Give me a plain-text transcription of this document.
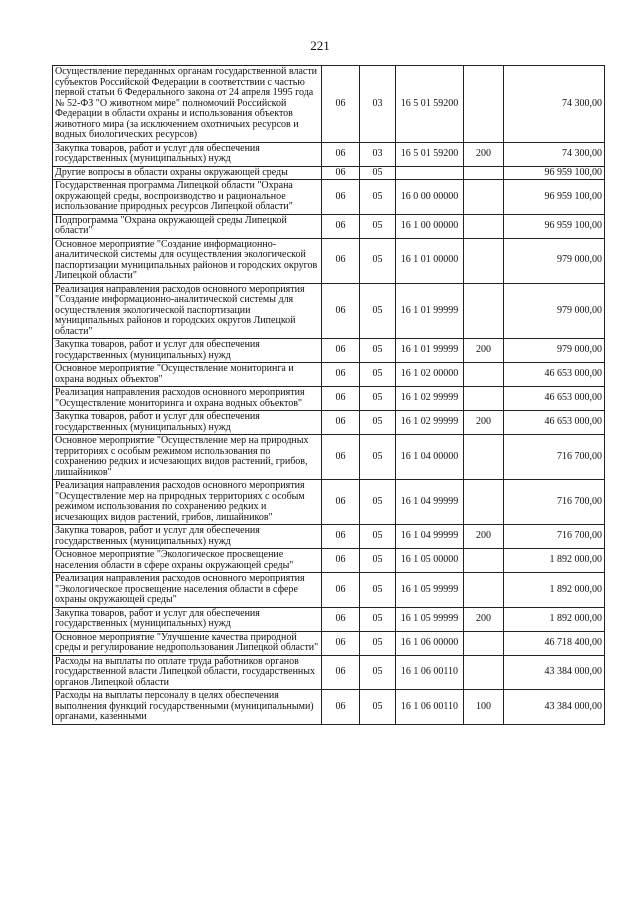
221
Осуществление переданных органам государственной власти субъектов Российской Федерации в соответствии с частью первой статьи 6 Федерального закона от 24 апреля 1995 года № 52-ФЗ "О животном мире" полномочий Российской Федерации в области охраны и использования объектов животного мира (за исключением охотничьих ресурсов и водных биологических ресурсов)	06	03	16 5 01 59200		74 300,00
Закупка товаров, работ и услуг для обеспечения государственных (муниципальных) нужд	06	03	16 5 01 59200	200	74 300,00
Другие вопросы в области охраны окружающей среды	06	05			96 959 100,00
Государственная программа Липецкой области "Охрана окружающей среды, воспроизводство и рациональное использование природных ресурсов Липецкой области"	06	05	16 0 00 00000		96 959 100,00
Подпрограмма "Охрана окружающей среды Липецкой области"	06	05	16 1 00 00000		96 959 100,00
Основное мероприятие "Создание информационно-аналитической системы для осуществления экологической паспортизации муниципальных районов и городских округов Липецкой области"	06	05	16 1 01 00000		979 000,00
Реализация направления расходов основного мероприятия "Создание информационно-аналитической системы для осуществления экологической паспортизации муниципальных районов и городских округов Липецкой области"	06	05	16 1 01 99999		979 000,00
Закупка товаров, работ и услуг для обеспечения государственных (муниципальных) нужд	06	05	16 1 01 99999	200	979 000,00
Основное мероприятие "Осуществление мониторинга и охрана водных объектов"	06	05	16 1 02 00000		46 653 000,00
Реализация направления расходов основного мероприятия "Осуществление мониторинга и охрана водных объектов"	06	05	16 1 02 99999		46 653 000,00
Закупка товаров, работ и услуг для обеспечения государственных (муниципальных) нужд	06	05	16 1 02 99999	200	46 653 000,00
Основное мероприятие "Осуществление мер на природных территориях с особым режимом использования по сохранению редких и исчезающих видов растений, грибов, лишайников"	06	05	16 1 04 00000		716 700,00
Реализация направления расходов основного мероприятия "Осуществление мер на природных территориях с особым режимом использования по сохранению редких и исчезающих видов растений, грибов, лишайников"	06	05	16 1 04 99999		716 700,00
Закупка товаров, работ и услуг для обеспечения государственных (муниципальных) нужд	06	05	16 1 04 99999	200	716 700,00
Основное мероприятие "Экологическое просвещение населения области в сфере охраны окружающей среды"	06	05	16 1 05 00000		1 892 000,00
Реализация направления расходов основного мероприятия "Экологическое просвещение населения области в сфере охраны окружающей среды"	06	05	16 1 05 99999		1 892 000,00
Закупка товаров, работ и услуг для обеспечения государственных (муниципальных) нужд	06	05	16 1 05 99999	200	1 892 000,00
Основное мероприятие "Улучшение качества природной среды и регулирование недропользования Липецкой области"	06	05	16 1 06 00000		46 718 400,00
Расходы на выплаты по оплате труда работников органов государственной власти Липецкой области, государственных органов Липецкой области	06	05	16 1 06 00110		43 384 000,00
Расходы на выплаты персоналу в целях обеспечения выполнения функций государственными (муниципальными) органами, казенными	06	05	16 1 06 00110	100	43 384 000,00
